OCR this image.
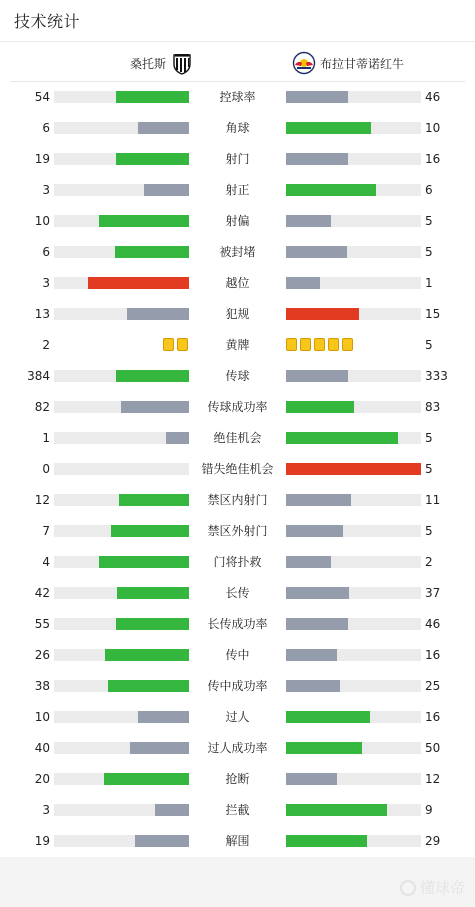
技术统计
桑托斯	布拉甘蒂诺红牛
54	控球率	46
6	角球	10
19	射门	16
3	射正	6
10	射偏	5
6	被封堵	5
3	越位	1
13	犯规	15
2	黄牌	5
384	传球	333
82	传球成功率	83
1	绝佳机会	5
0	错失绝佳机会	5
12	禁区内射门	11
7	禁区外射门	5
4	门将扑救	2
42	长传	37
55	长传成功率	46
26	传中	16
38	传中成功率	25
10	过人	16
40	过人成功率	50
20	抢断	12
3	拦截	9
19	解围	29
懂球帝
